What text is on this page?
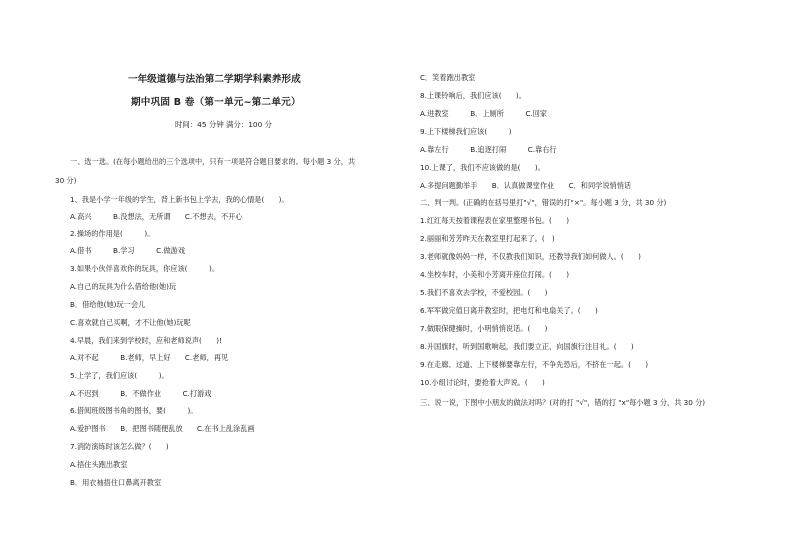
一年级道德与法治第二学期学科素养形成
期中巩固 B 卷（第一单元~第二单元）
时间：45 分钟 满分：100 分
一、选一选。(在每小题给出的三个选项中，只有一项是符合题目要求的。每小题 3 分，共
30 分)
1、我是小学一年级的学生，背上新书包上学去，我的心情是(　　)。
A.高兴　　　B.没想法，无所谓　　C.不想去，不开心
2.操场的作用是(　　　)。
A.借书　　　B.学习　　　C.做游戏
3.如果小伙伴喜欢你的玩具，你应该(　　　)。
A.自己的玩具为什么借给他(她)玩
B．借给他(她)玩一会儿
C.喜欢就自己买啊，才不让他(她)玩呢
4.早晨，我们来到学校时，应和老师说声(　　)!
A.对不起　　　B.老师，早上好　　C.老师，再见
5.上学了，我们应该(　　　)。
A.不迟到　　　B．不做作业　　　C.打游戏
6.借阅班级图书角的图书，要(　　　)。
A.爱护图书　　B．把图书随便乱放　　C.在书上乱涂乱画
7.消防演练时该怎么做？(　　)
A.捂住头跑出教室
B．用衣袖捂住口鼻离开教室
C．笑着跑出教室
8.上课铃响后，我们应该(　　)。
A.进教室　　　B．上厕所　　　C.回家
9.上下楼梯我们应该(　　　)
A.靠左行　　　B.追逐打闹　　　C.靠右行
10.上课了，我们不应该做的是(　　)。
A.多提问题勤举手　　B．认真做课堂作业　　C．和同学说悄悄话
二、判一判。(正确的在括号里打"√"，错误的打"×"。每小题 3 分，共 30 分)
1.红红每天按着课程表在家里整理书包。(　　)
2.丽丽和芳芳昨天在教室里打起来了。(　)
3.老师就像妈妈一样，不仅教我们知识，还教导我们如何做人。(　　)
4.坐校车时，小美和小芳离开座位打闹。(　　)
5.我们不喜欢去学校，不爱校园。(　　)
6.军军做完值日离开教室时，把电灯和电扇关了。(　　)
7.做眼保健操时，小明悄悄说话。(　　)
8.升国旗时，听到国歌响起，我们要立正，向国旗行注目礼。(　　)
9.在走廊、过道、上下楼梯要靠左行，不争先恐后，不挤在一起。(　　)
10.小组讨论时，要抢着大声说。(　　)
三、说一说，下图中小朋友的做法对吗？(对的打 "√"，错的打 "x"每小题 3 分，共 30 分)
